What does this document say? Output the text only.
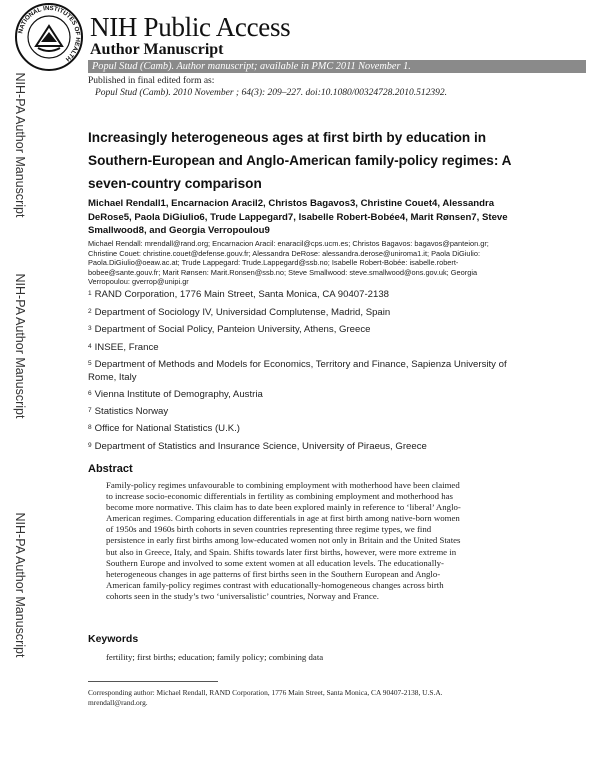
NATIONAL INSTITUTES OF HEALTH
NIH Public Access
Author Manuscript
Popul Stud (Camb). Author manuscript; available in PMC 2011 November 1.
Published in final edited form as:
Popul Stud (Camb). 2010 November ; 64(3): 209–227. doi:10.1080/00324728.2010.512392.
NIH-PA Author Manuscript
NIH-PA Author Manuscript
NIH-PA Author Manuscript
Increasingly heterogeneous ages at first birth by education in
Southern-European and Anglo-American family-policy regimes: A
seven-country comparison
Michael Rendall1, Encarnacion Aracil2, Christos Bagavos3, Christine Couet4, Alessandra
DeRose5, Paola DiGiulio6, Trude Lappegard7, Isabelle Robert-Bobée4, Marit Rønsen7, Steve
Smallwood8, and Georgia Verropoulou9
Michael Rendall: mrendall@rand.org; Encarnacion Aracil: enaracil@cps.ucm.es; Christos Bagavos: bagavos@panteion.gr;
Christine Couet: christine.couet@defense.gouv.fr; Alessandra DeRose: alessandra.derose@uniroma1.it; Paola DiGiulio:
Paola.DiGiulio@oeaw.ac.at; Trude Lappegard: Trude.Lappegard@ssb.no; Isabelle Robert-Bobée: isabelle.robert-
bobee@sante.gouv.fr; Marit Rønsen: Marit.Ronsen@ssb.no; Steve Smallwood: steve.smallwood@ons.gov.uk; Georgia
Verropoulou: gverrop@unipi.gr
$^1$ RAND Corporation, 1776 Main Street, Santa Monica, CA 90407-2138
$^2$ Department of Sociology IV, Universidad Complutense, Madrid, Spain
$^3$ Department of Social Policy, Panteion University, Athens, Greece
$^4$ INSEE, France
$^5$ Department of Methods and Models for Economics, Territory and Finance, Sapienza University of Rome, Italy
$^6$ Vienna Institute of Demography, Austria
$^7$ Statistics Norway
$^8$ Office for National Statistics (U.K.)
$^9$ Department of Statistics and Insurance Science, University of Piraeus, Greece
Abstract
Family-policy regimes unfavourable to combining employment with motherhood have been claimed
to increase socio-economic differentials in fertility as combining employment and motherhood has
become more normative. This claim has to date been explored mainly in reference to ‘liberal’ Anglo-
American regimes. Comparing education differentials in age at first birth among native-born women
of 1950s and 1960s birth cohorts in seven countries representing three regime types, we find
persistence in early first births among low-educated women not only in Britain and the United States
but also in Greece, Italy, and Spain. Shifts towards later first births, however, were more extreme in
Southern Europe and involved to some extent women at all education levels. The educationally-
heterogeneous changes in age patterns of first births seen in the Southern European and Anglo-
American family-policy regimes contrast with educationally-homogeneous changes across birth
cohorts seen in the study’s two ‘universalistic’ countries, Norway and France.
Keywords
fertility; first births; education; family policy; combining data
Corresponding author: Michael Rendall, RAND Corporation, 1776 Main Street, Santa Monica, CA 90407-2138, U.S.A.
mrendall@rand.org.
